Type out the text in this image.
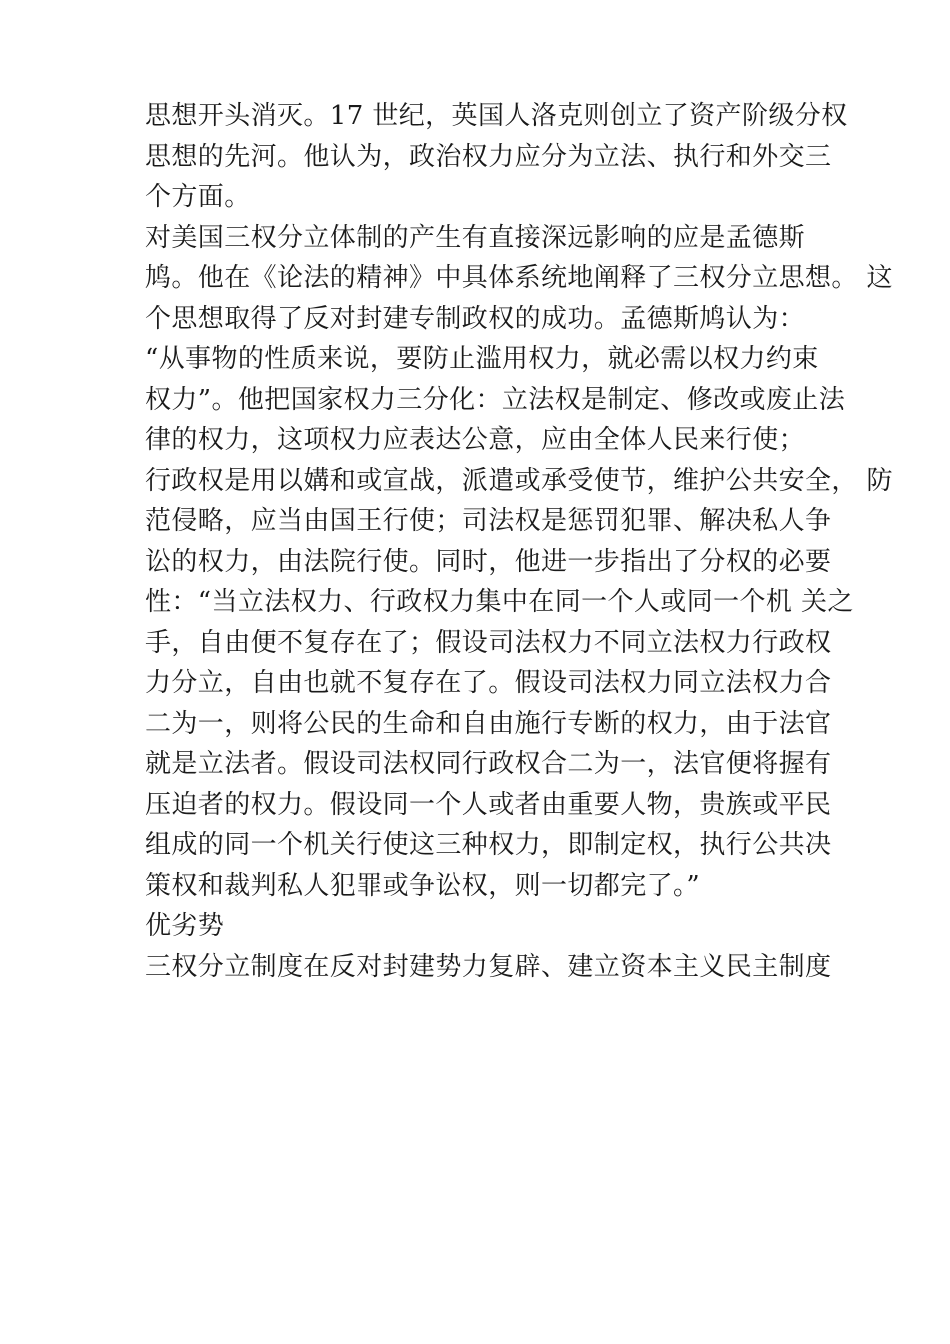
思想开头消灭。17 世纪，英国人洛克则创立了资产阶级分权
思想的先河。他认为，政治权力应分为立法、执行和外交三
个方面。
对美国三权分立体制的产生有直接深远影响的应是孟德斯
鸠。他在《论法的精神》中具体系统地阐释了三权分立思想。 这
个思想取得了反对封建专制政权的成功。孟德斯鸠认为：
“从事物的性质来说，要防止滥用权力，就必需以权力约束
权力”。他把国家权力三分化：立法权是制定、修改或废止法
律的权力，这项权力应表达公意，应由全体人民来行使；
行政权是用以媾和或宣战，派遣或承受使节，维护公共安全， 防
范侵略，应当由国王行使；司法权是惩罚犯罪、解决私人争
讼的权力，由法院行使。同时，他进一步指出了分权的必要
性：“当立法权力、行政权力集中在同一个人或同一个机 关之
手，自由便不复存在了；假设司法权力不同立法权力行政权
力分立，自由也就不复存在了。假设司法权力同立法权力合
二为一，则将公民的生命和自由施行专断的权力，由于法官
就是立法者。假设司法权同行政权合二为一，法官便将握有
压迫者的权力。假设同一个人或者由重要人物，贵族或平民
组成的同一个机关行使这三种权力，即制定权，执行公共决
策权和裁判私人犯罪或争讼权，则一切都完了。”
优劣势
三权分立制度在反对封建势力复辟、建立资本主义民主制度
